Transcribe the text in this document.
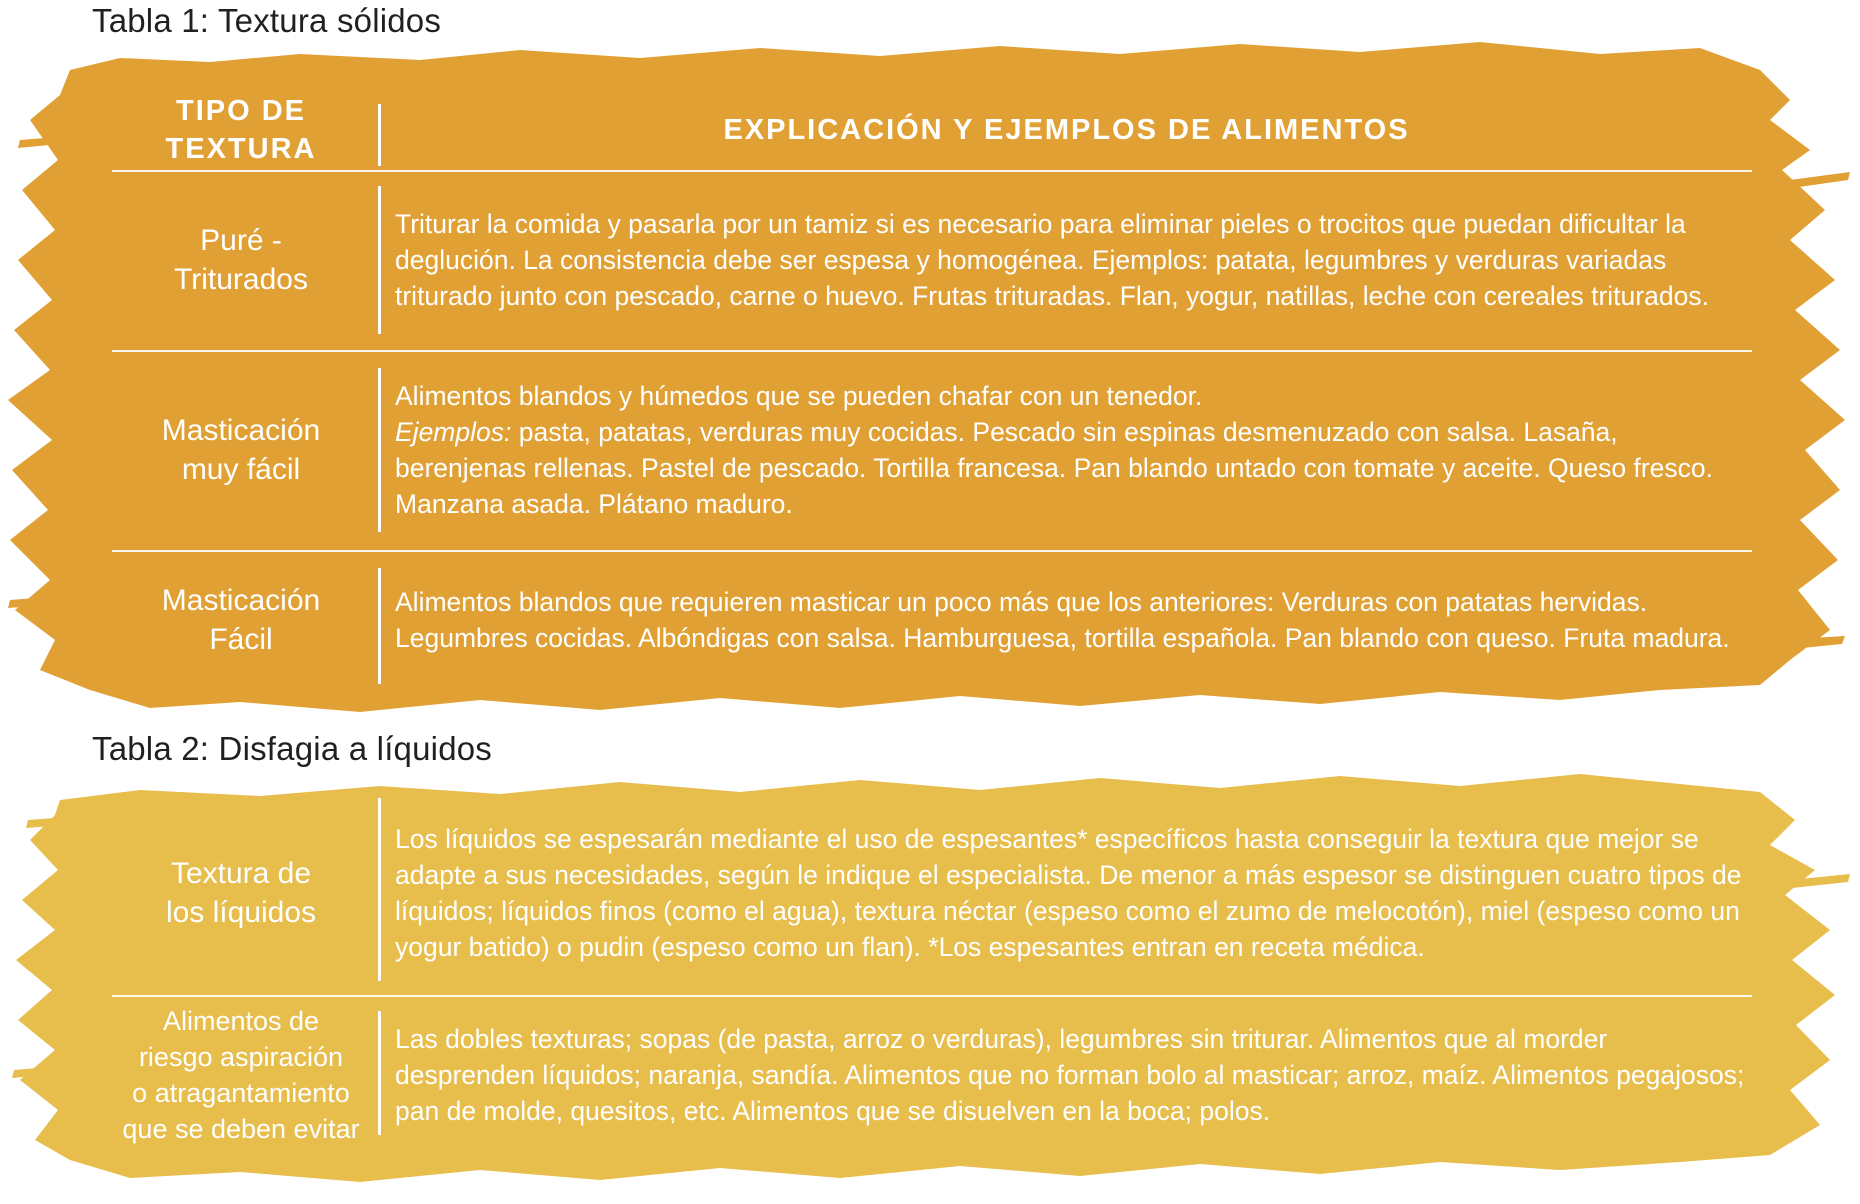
Tabla 1: Textura sólidos
TIPO DE
TEXTURA
EXPLICACIÓN Y EJEMPLOS DE ALIMENTOS
Puré -
Triturados

Triturar la comida y pasarla por un tamiz si es necesario para eliminar pieles o trocitos que puedan dificultar la deglución. La consistencia debe ser espesa y homogénea. Ejemplos: patata, legumbres y verduras variadas triturado junto con pescado, carne o huevo. Frutas trituradas. Flan, yogur, natillas, leche con cereales triturados.

Masticación
muy fácil

Alimentos blandos y húmedos que se pueden chafar con un tenedor.
Ejemplos: pasta, patatas, verduras muy cocidas. Pescado sin espinas desmenuzado con salsa. Lasaña, berenjenas rellenas. Pastel de pescado. Tortilla francesa. Pan blando untado con tomate y aceite. Queso fresco. Manzana asada. Plátano maduro.

Masticación
Fácil

Alimentos blandos que requieren masticar un poco más que los anteriores: Verduras con patatas hervidas. Legumbres cocidas. Albóndigas con salsa. Hamburguesa, tortilla española. Pan blando con queso. Fruta madura.

Tabla 2: Disfagia a líquidos
Textura de
los líquidos

Los líquidos se espesarán mediante el uso de espesantes* específicos hasta conseguir la textura que mejor se adapte a sus necesidades, según le indique el especialista. De menor a más espesor se distinguen cuatro tipos de líquidos; líquidos finos (como el agua), textura néctar (espeso como el zumo de melocotón), miel (espeso como un yogur batido) o pudin (espeso como un flan). *Los espesantes entran en receta médica.

Alimentos de
riesgo aspiración
o atragantamiento
que se deben evitar

Las dobles texturas; sopas (de pasta, arroz o verduras), legumbres sin triturar. Alimentos que al morder desprenden líquidos; naranja, sandía. Alimentos que no forman bolo al masticar; arroz, maíz. Alimentos pegajosos; pan de molde, quesitos, etc. Alimentos que se disuelven en la boca; polos.
